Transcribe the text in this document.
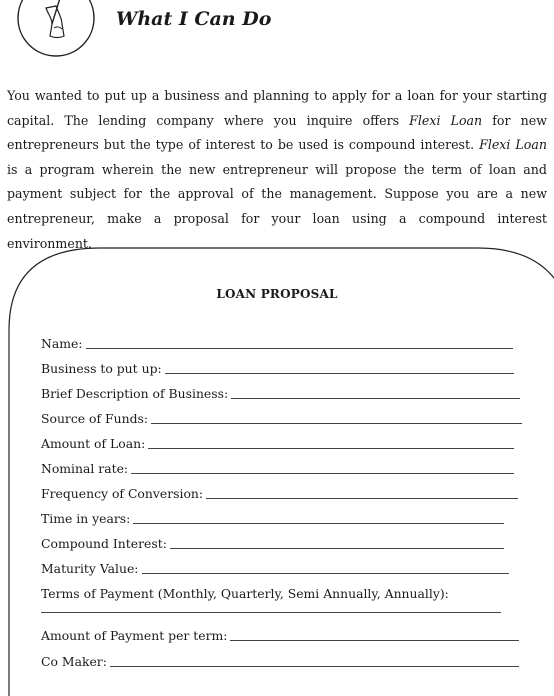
What I Can Do

You wanted to put up a business and planning to apply for a loan for your starting capital. The lending company where you inquire offers Flexi Loan for new entrepreneurs but the type of interest to be used is compound interest. Flexi Loan is a program wherein the new entrepreneur will propose the term of loan and payment subject for the approval of the management. Suppose you are a new entrepreneur, make a proposal for your loan using a compound interest environment.

LOAN PROPOSAL
Name:
Business to put up:
Brief Description of Business:
Source of Funds:
Amount of Loan:
Nominal rate:
Frequency of Conversion:
Time in years:
Compound Interest:
Maturity Value:
Terms of Payment (Monthly, Quarterly, Semi Annually, Annually):
Amount of Payment per term:
Co Maker:
